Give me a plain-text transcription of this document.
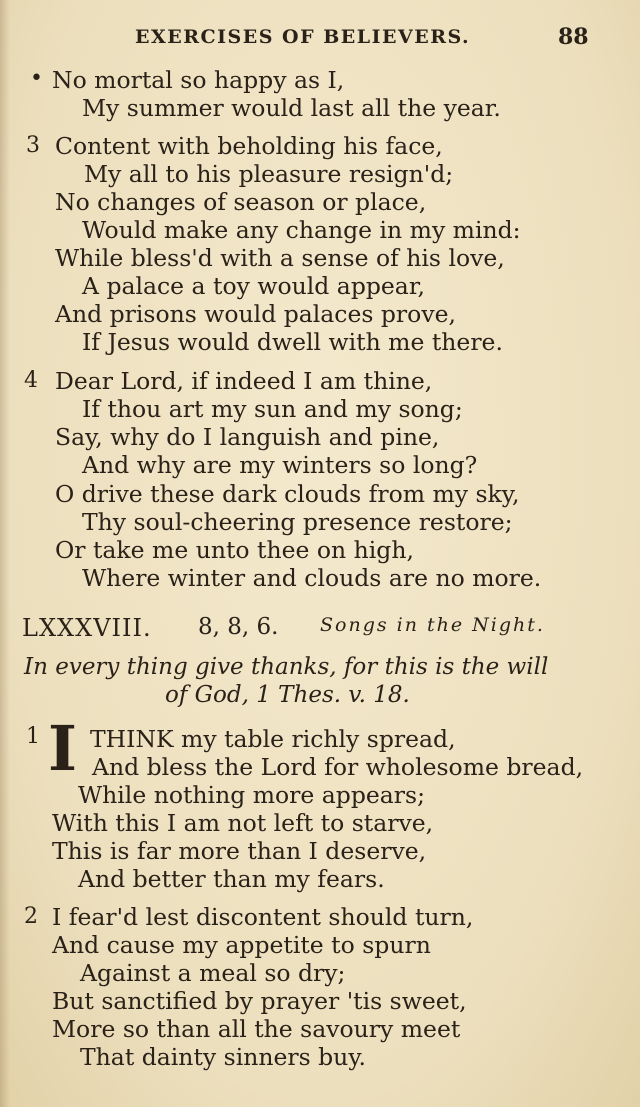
EXERCISES OF BELIEVERS.	88
• No mortal so happy as I,
My summer would last all the year.
3 Content with beholding his face,
My all to his pleasure resign'd;
No changes of season or place,
Would make any change in my mind:
While bless'd with a sense of his love,
A palace a toy would appear,
And prisons would palaces prove,
If Jesus would dwell with me there.
4 Dear Lord, if indeed I am thine,
If thou art my sun and my song;
Say, why do I languish and pine,
And why are my winters so long?
O drive these dark clouds from my sky,
Thy soul-cheering presence restore;
Or take me unto thee on high,
Where winter and clouds are no more.
LXXXVIII. 8, 8, 6. Songs in the Night.
In every thing give thanks, for this is the will
of God, 1 Thes. v. 18.
1 I THINK my table richly spread,
And bless the Lord for wholesome bread,
While nothing more appears;
With this I am not left to starve,
This is far more than I deserve,
And better than my fears.
2 I fear'd lest discontent should turn,
And cause my appetite to spurn
Against a meal so dry;
But sanctified by prayer 'tis sweet,
More so than all the savoury meet
That dainty sinners buy.
